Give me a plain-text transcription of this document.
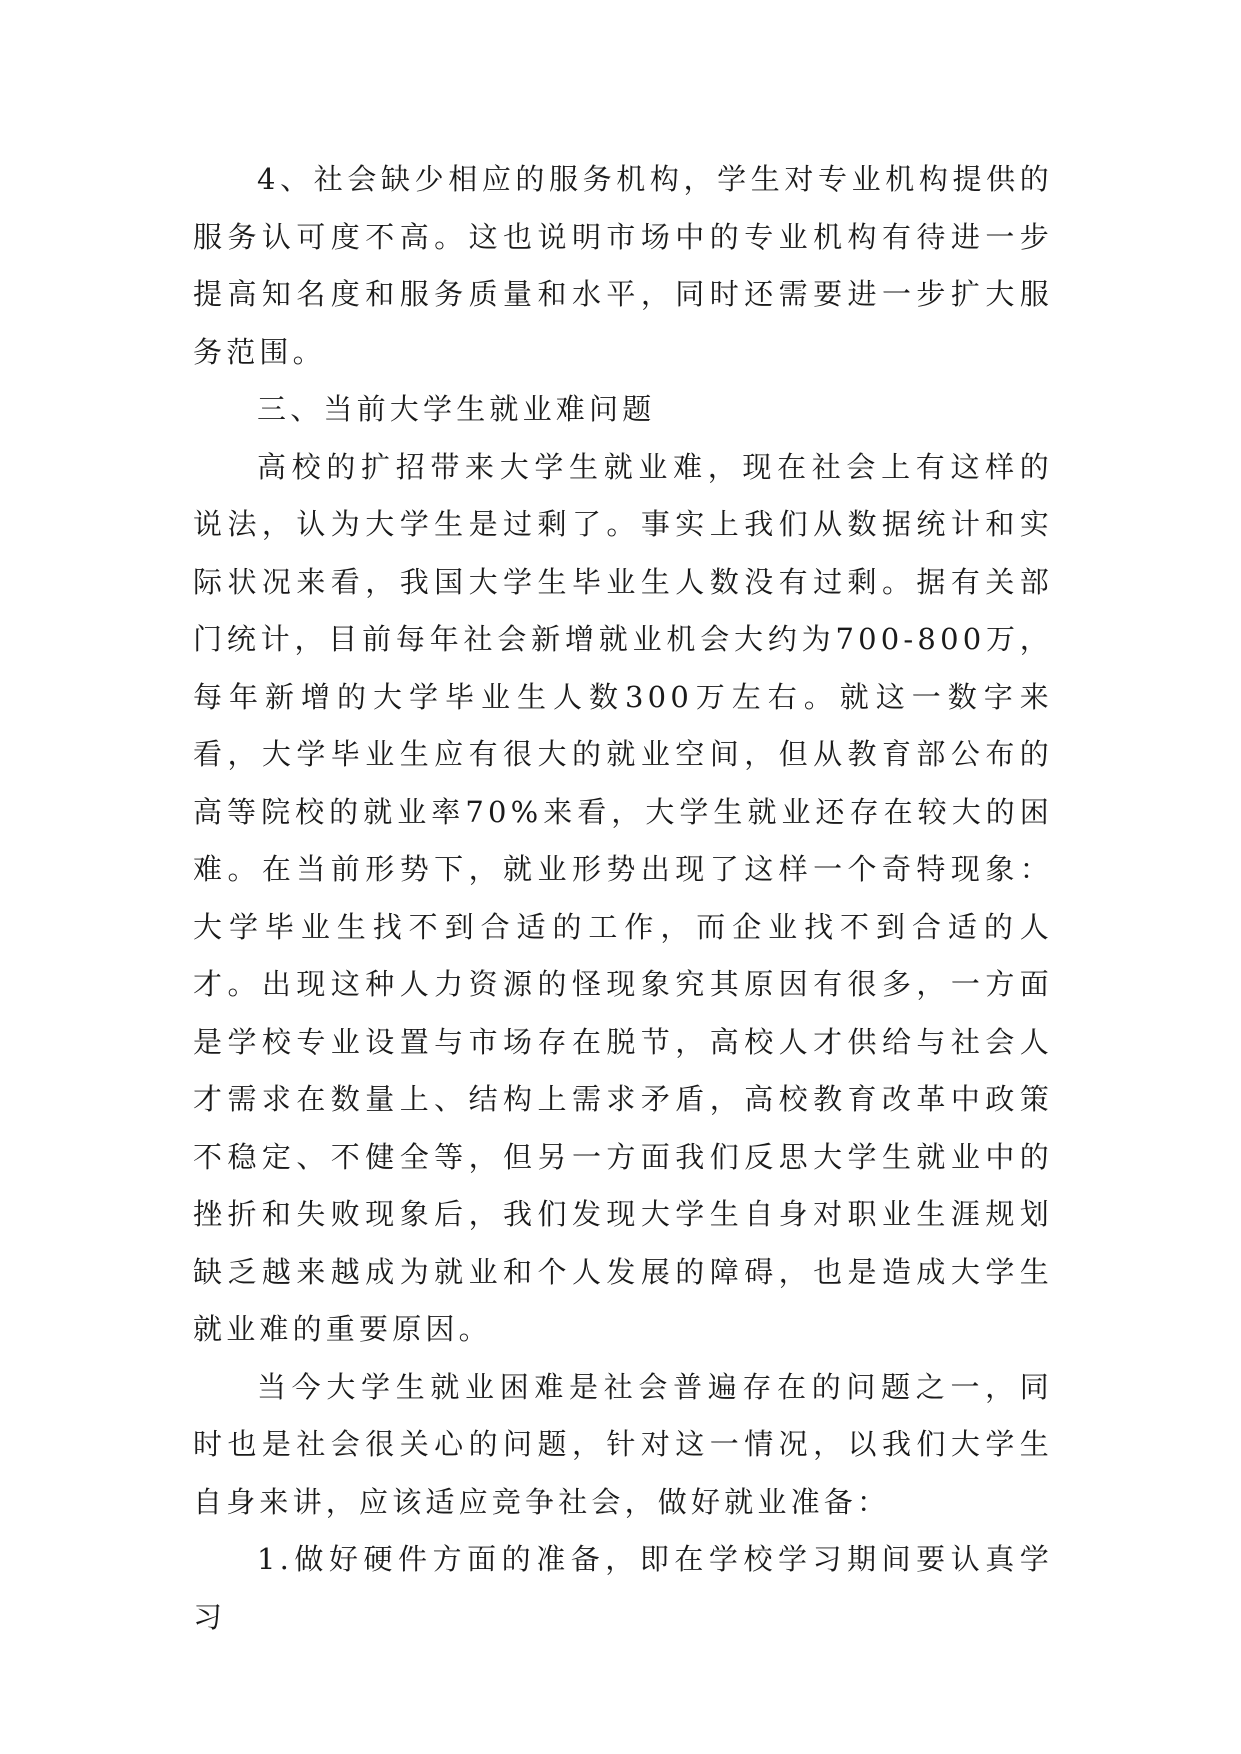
4、社会缺少相应的服务机构，学生对专业机构提供的服务认可度不高。这也说明市场中的专业机构有待进一步提高知名度和服务质量和水平，同时还需要进一步扩大服务范围。

三、当前大学生就业难问题

高校的扩招带来大学生就业难，现在社会上有这样的说法，认为大学生是过剩了。事实上我们从数据统计和实际状况来看，我国大学生毕业生人数没有过剩。据有关部门统计，目前每年社会新增就业机会大约为700-800万，每年新增的大学毕业生人数300万左右。就这一数字来看，大学毕业生应有很大的就业空间，但从教育部公布的高等院校的就业率70%来看，大学生就业还存在较大的困难。在当前形势下，就业形势出现了这样一个奇特现象：大学毕业生找不到合适的工作，而企业找不到合适的人才。出现这种人力资源的怪现象究其原因有很多，一方面是学校专业设置与市场存在脱节，高校人才供给与社会人才需求在数量上、结构上需求矛盾，高校教育改革中政策不稳定、不健全等，但另一方面我们反思大学生就业中的挫折和失败现象后，我们发现大学生自身对职业生涯规划缺乏越来越成为就业和个人发展的障碍，也是造成大学生就业难的重要原因。

当今大学生就业困难是社会普遍存在的问题之一，同时也是社会很关心的问题，针对这一情况，以我们大学生自身来讲，应该适应竞争社会，做好就业准备：

1.做好硬件方面的准备，即在学校学习期间要认真学习
